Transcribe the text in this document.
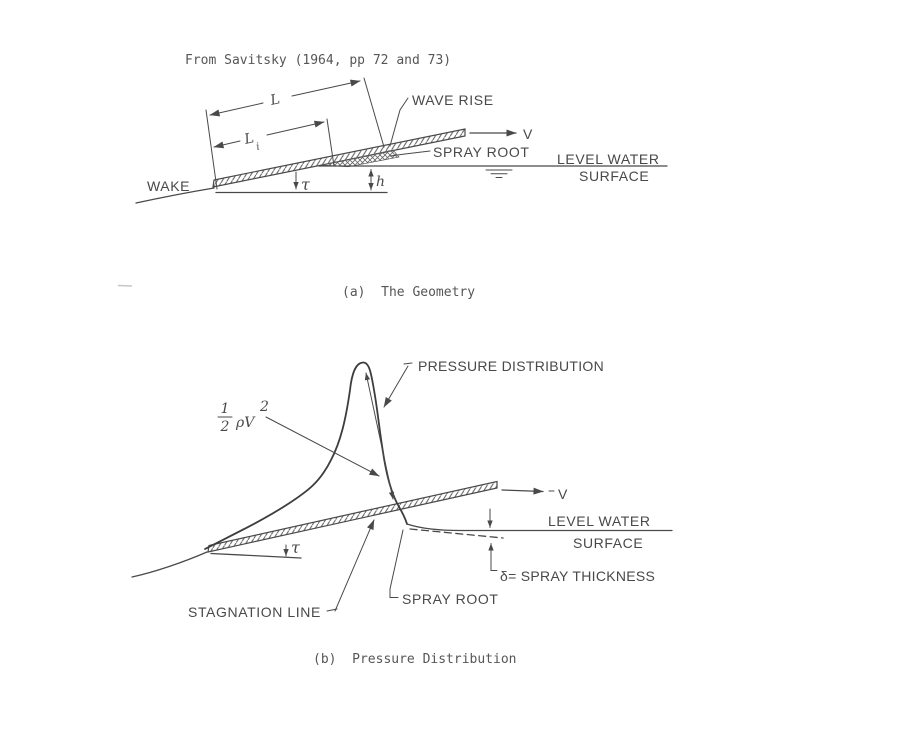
From Savitsky (1964, pp 72 and 73)
L
L i
WAVE RISE
V
SPRAY ROOT LEVEL WATER
SURFACE
WAKE	τ	h
(a)  The Geometry
PRESSURE DISTRIBUTION
1
2 ρV
2
V
LEVEL WATER
SURFACE
δ= SPRAY THICKNESS
STAGNATION LINE
SPRAY ROOT
τ
(b)  Pressure Distribution
